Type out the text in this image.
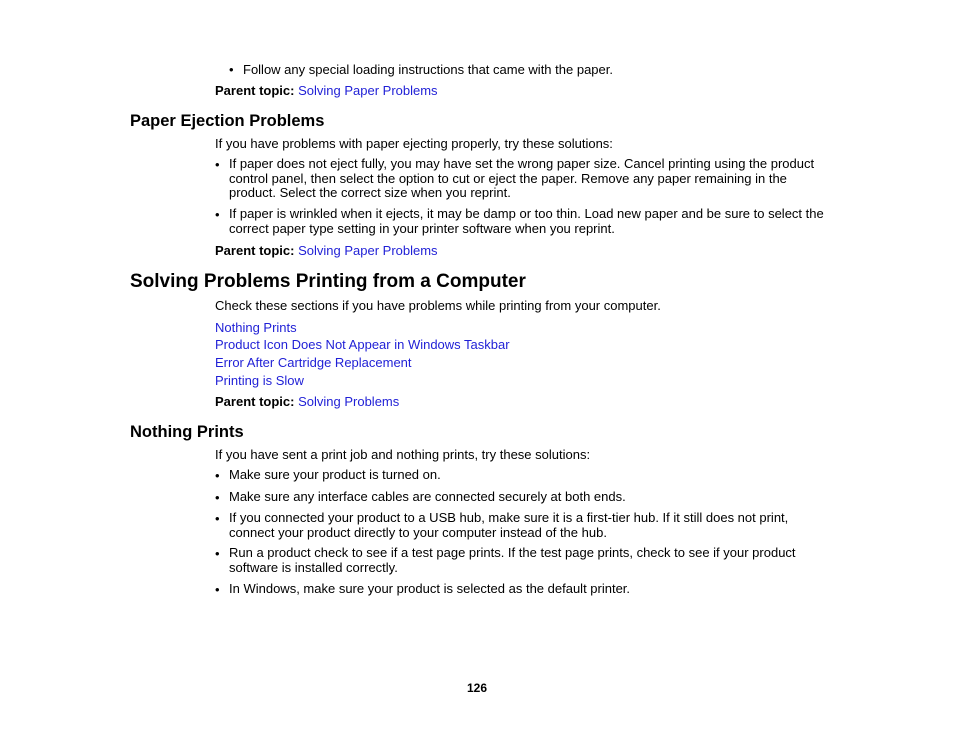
• Follow any special loading instructions that came with the paper.
Parent topic: Solving Paper Problems
Paper Ejection Problems
If you have problems with paper ejecting properly, try these solutions:
• If paper does not eject fully, you may have set the wrong paper size. Cancel printing using the product control panel, then select the option to cut or eject the paper. Remove any paper remaining in the product. Select the correct size when you reprint.
• If paper is wrinkled when it ejects, it may be damp or too thin. Load new paper and be sure to select the correct paper type setting in your printer software when you reprint.
Parent topic: Solving Paper Problems
Solving Problems Printing from a Computer
Check these sections if you have problems while printing from your computer.
Nothing Prints
Product Icon Does Not Appear in Windows Taskbar
Error After Cartridge Replacement
Printing is Slow
Parent topic: Solving Problems
Nothing Prints
If you have sent a print job and nothing prints, try these solutions:
• Make sure your product is turned on.
• Make sure any interface cables are connected securely at both ends.
• If you connected your product to a USB hub, make sure it is a first-tier hub. If it still does not print, connect your product directly to your computer instead of the hub.
• Run a product check to see if a test page prints. If the test page prints, check to see if your product software is installed correctly.
• In Windows, make sure your product is selected as the default printer.
126
